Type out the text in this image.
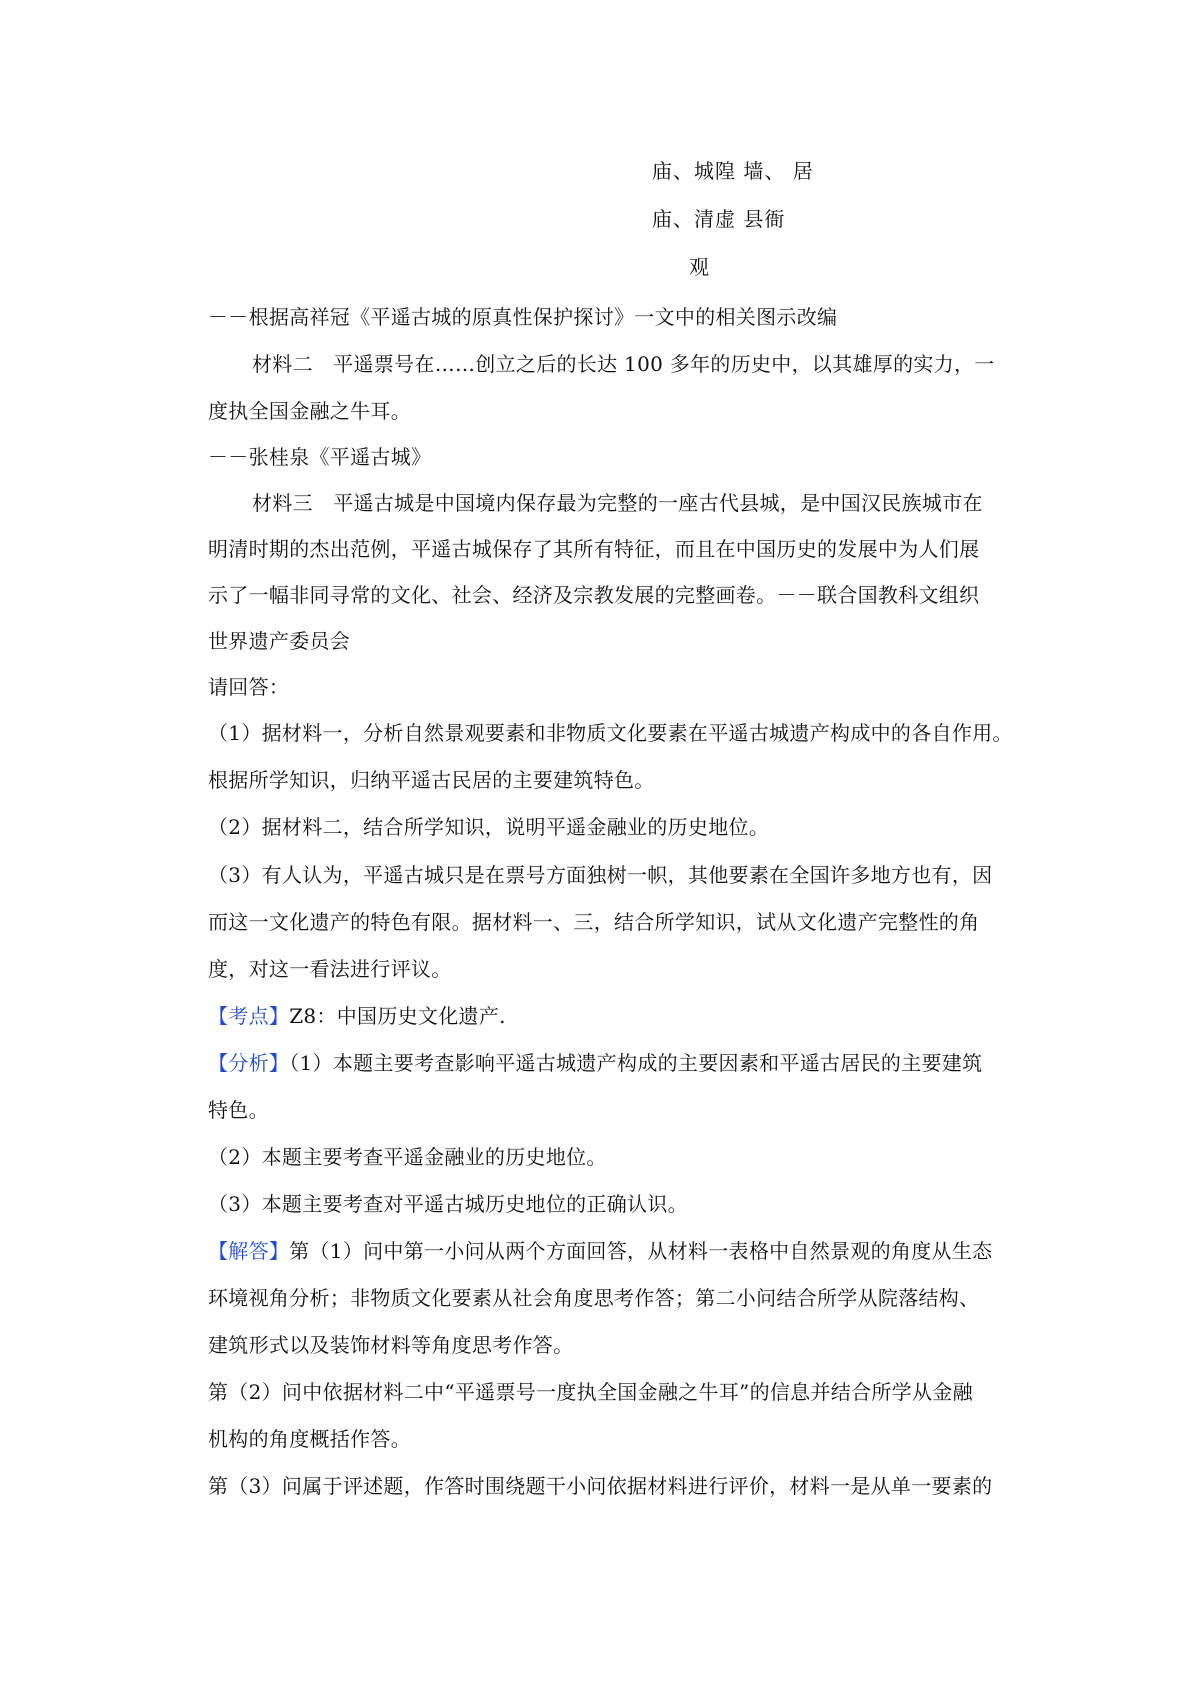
庙、城隍 墙、 居
庙、清虚 县衙
观
－－根据高祥冠《平遥古城的原真性保护探讨》一文中的相关图示改编
材料二　平遥票号在……创立之后的长达 100 多年的历史中，以其雄厚的实力，一
度执全国金融之牛耳。
－－张桂泉《平遥古城》
材料三　平遥古城是中国境内保存最为完整的一座古代县城，是中国汉民族城市在
明清时期的杰出范例，平遥古城保存了其所有特征，而且在中国历史的发展中为人们展
示了一幅非同寻常的文化、社会、经济及宗教发展的完整画卷。－－联合国教科文组织
世界遗产委员会
请回答：
（1）据材料一，分析自然景观要素和非物质文化要素在平遥古城遗产构成中的各自作用。
根据所学知识，归纳平遥古民居的主要建筑特色。
（2）据材料二，结合所学知识，说明平遥金融业的历史地位。
（3）有人认为，平遥古城只是在票号方面独树一帜，其他要素在全国许多地方也有，因
而这一文化遗产的特色有限。据材料一、三，结合所学知识，试从文化遗产完整性的角
度，对这一看法进行评议。
【考点】Z8：中国历史文化遗产.
【分析】（1）本题主要考查影响平遥古城遗产构成的主要因素和平遥古居民的主要建筑
特色。
（2）本题主要考查平遥金融业的历史地位。
（3）本题主要考查对平遥古城历史地位的正确认识。
【解答】第（1）问中第一小问从两个方面回答，从材料一表格中自然景观的角度从生态
环境视角分析；非物质文化要素从社会角度思考作答；第二小问结合所学从院落结构、
建筑形式以及装饰材料等角度思考作答。
第（2）问中依据材料二中“平遥票号一度执全国金融之牛耳”的信息并结合所学从金融
机构的角度概括作答。
第（3）问属于评述题，作答时围绕题干小问依据材料进行评价，材料一是从单一要素的
